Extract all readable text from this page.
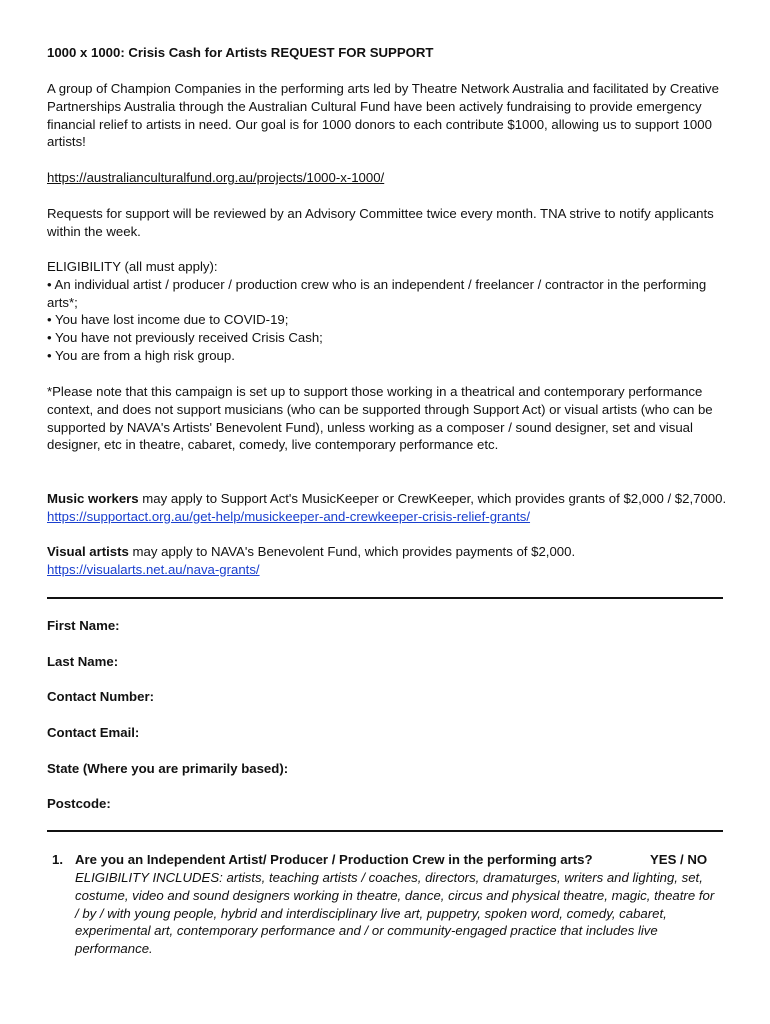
1000 x 1000: Crisis Cash for Artists REQUEST FOR SUPPORT

A group of Champion Companies in the performing arts led by Theatre Network Australia and facilitated by Creative Partnerships Australia through the Australian Cultural Fund have been actively fundraising to provide emergency financial relief to artists in need. Our goal is for 1000 donors to each contribute $1000, allowing us to support 1000 artists!

https://australianculturalfund.org.au/projects/1000-x-1000/

Requests for support will be reviewed by an Advisory Committee twice every month. TNA strive to notify applicants within the week.

ELIGIBILITY (all must apply):
• An individual artist / producer / production crew who is an independent / freelancer / contractor in the performing arts*;
• You have lost income due to COVID-19;
• You have not previously received Crisis Cash;
• You are from a high risk group.

*Please note that this campaign is set up to support those working in a theatrical and contemporary performance context, and does not support musicians (who can be supported through Support Act) or visual artists (who can be supported by NAVA's Artists' Benevolent Fund), unless working as a composer / sound designer, set and visual designer, etc in theatre, cabaret, comedy, live contemporary performance etc.

Music workers may apply to Support Act's MusicKeeper or CrewKeeper, which provides grants of $2,000 / $2,7000. https://supportact.org.au/get-help/musickeeper-and-crewkeeper-crisis-relief-grants/

Visual artists may apply to NAVA's Benevolent Fund, which provides payments of $2,000.
https://visualarts.net.au/nava-grants/

First Name:
Last Name:
Contact Number:
Contact Email:
State (Where you are primarily based):
Postcode:
1. Are you an Independent Artist/ Producer / Production Crew in the performing arts?	YES / NO
ELIGIBILITY INCLUDES: artists, teaching artists / coaches, directors, dramaturges, writers and lighting, set, costume, video and sound designers working in theatre, dance, circus and physical theatre, magic, theatre for / by / with young people, hybrid and interdisciplinary live art, puppetry, spoken word, comedy, cabaret, experimental art, contemporary performance and / or community-engaged practice that includes live performance.
